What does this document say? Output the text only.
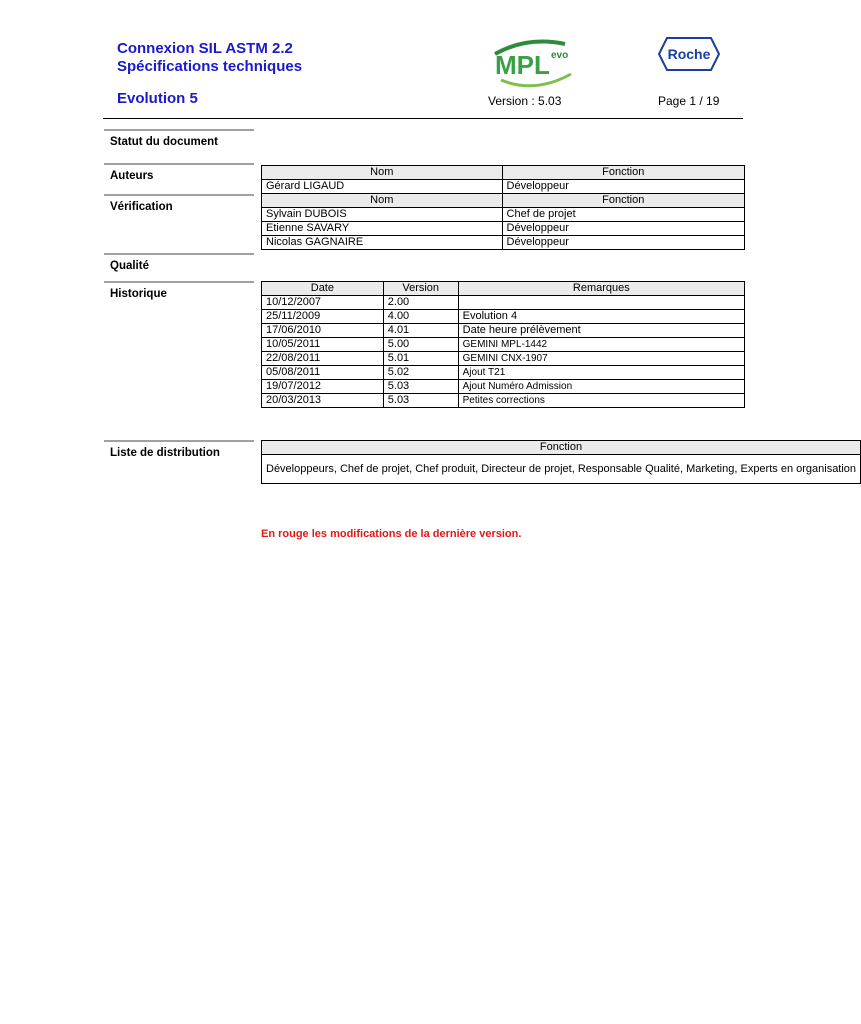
Connexion SIL ASTM 2.2
Spécifications techniques
Evolution 5
MPL evo	Roche
Version : 5.03	Page 1 / 19
Statut du document
Auteurs
Vérification
Qualité
Historique
Liste de distribution
Nom	Fonction
Gérard LIGAUD	Développeur
Nom	Fonction
Sylvain DUBOIS	Chef de projet
Etienne SAVARY	Développeur
Nicolas GAGNAIRE	Développeur
Date	Version	Remarques
10/12/2007	2.00	
25/11/2009	4.00	Evolution 4
17/06/2010	4.01	Date heure prélèvement
10/05/2011	5.00	GEMINI MPL-1442
22/08/2011	5.01	GEMINI CNX-1907
05/08/2011	5.02	Ajout T21
19/07/2012	5.03	Ajout Numéro Admission
20/03/2013	5.03	Petites corrections
Fonction
Développeurs, Chef de projet, Chef produit, Directeur de projet, Responsable Qualité, Marketing, Experts en organisation
En rouge les modifications de la dernière version.
